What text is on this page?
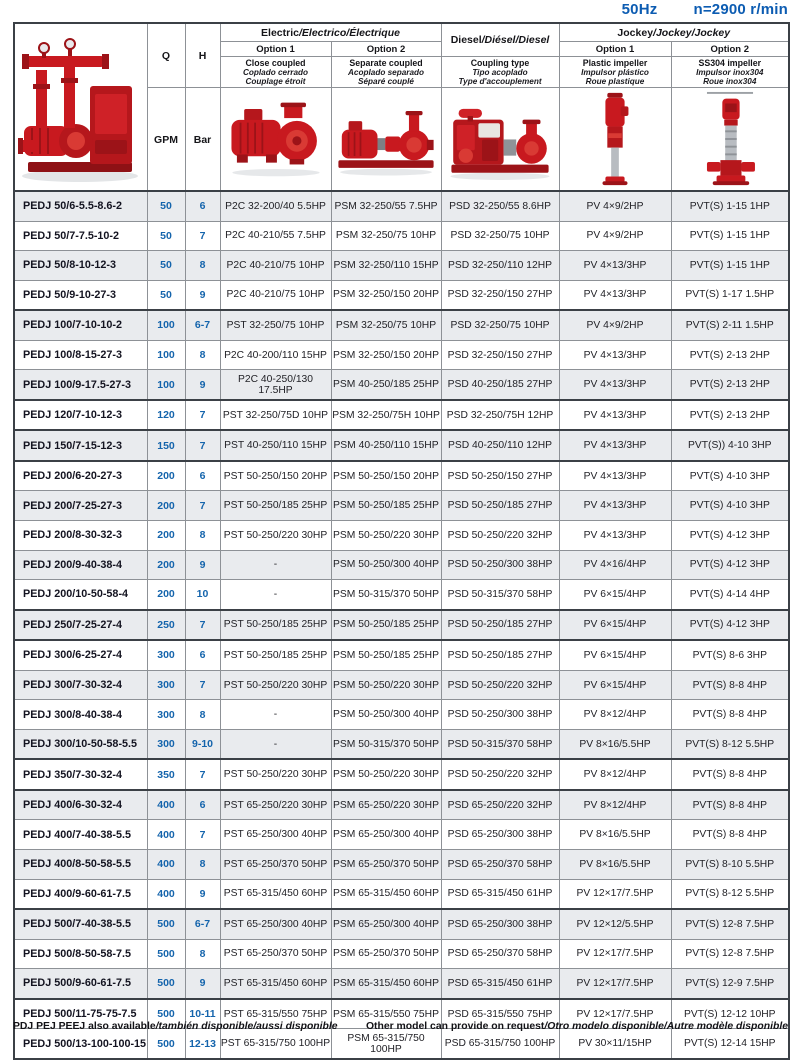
50Hz n=2900 r/min
	Q	H	Electric/Electrico/Électrique		Diesel/Diésel/Diesel	Jockey/Jockey/Jockey	
			Option 1	Option 2		Option 1	Option 2

Close coupled
Coplado cerrado
Couplage étroit

Separate coupled
Acoplado separado
Séparé couplé

Coupling type
Tipo acoplado
Type d'accouplement

Plastic impeller
Impulsor plástico
Roue plastique

SS304 impeller
Impulsor inox304
Roue inox304

	GPM	Bar	

PEDJ 50/6-5.5-8.6-2	50	6	P2C 32-200/40 5.5HP	PSM 32-250/55 7.5HP	PSD 32-250/55 8.6HP	PV 4×9/2HP	PVT(S) 1-15 1HP
PEDJ 50/7-7.5-10-2	50	7	P2C 40-210/55 7.5HP	PSM 32-250/75 10HP	PSD 32-250/75 10HP	PV 4×9/2HP	PVT(S) 1-15 1HP
PEDJ 50/8-10-12-3	50	8	P2C 40-210/75 10HP	PSM 32-250/110 15HP	PSD 32-250/110 12HP	PV 4×13/3HP	PVT(S) 1-15 1HP
PEDJ 50/9-10-27-3	50	9	P2C 40-210/75 10HP	PSM 32-250/150 20HP	PSD 32-250/150 27HP	PV 4×13/3HP	PVT(S) 1-17 1.5HP
PEDJ 100/7-10-10-2	100	6-7	PST 32-250/75 10HP	PSM 32-250/75 10HP	PSD 32-250/75 10HP	PV 4×9/2HP	PVT(S) 2-11 1.5HP
PEDJ 100/8-15-27-3	100	8	P2C 40-200/110 15HP	PSM 32-250/150 20HP	PSD 32-250/150 27HP	PV 4×13/3HP	PVT(S) 2-13 2HP
PEDJ 100/9-17.5-27-3	100	9	P2C 40-250/130 17.5HP	PSM 40-250/185 25HP	PSD 40-250/185 27HP	PV 4×13/3HP	PVT(S) 2-13 2HP
PEDJ 120/7-10-12-3	120	7	PST 32-250/75D 10HP	PSM 32-250/75H 10HP	PSD 32-250/75H 12HP	PV 4×13/3HP	PVT(S) 2-13 2HP
PEDJ 150/7-15-12-3	150	7	PST 40-250/110 15HP	PSM 40-250/110 15HP	PSD 40-250/110 12HP	PV 4×13/3HP	PVT(S)) 4-10 3HP
PEDJ 200/6-20-27-3	200	6	PST 50-250/150 20HP	PSM 50-250/150 20HP	PSD 50-250/150 27HP	PV 4×13/3HP	PVT(S) 4-10 3HP
PEDJ 200/7-25-27-3	200	7	PST 50-250/185 25HP	PSM 50-250/185 25HP	PSD 50-250/185 27HP	PV 4×13/3HP	PVT(S) 4-10 3HP
PEDJ 200/8-30-32-3	200	8	PST 50-250/220 30HP	PSM 50-250/220 30HP	PSD 50-250/220 32HP	PV 4×13/3HP	PVT(S) 4-12 3HP
PEDJ 200/9-40-38-4	200	9	-	PSM 50-250/300 40HP	PSD 50-250/300 38HP	PV 4×16/4HP	PVT(S) 4-12 3HP
PEDJ 200/10-50-58-4	200	10	-	PSM 50-315/370 50HP	PSD 50-315/370 58HP	PV 6×15/4HP	PVT(S) 4-14 4HP
PEDJ 250/7-25-27-4	250	7	PST 50-250/185 25HP	PSM 50-250/185 25HP	PSD 50-250/185 27HP	PV 6×15/4HP	PVT(S) 4-12 3HP
PEDJ 300/6-25-27-4	300	6	PST 50-250/185 25HP	PSM 50-250/185 25HP	PSD 50-250/185 27HP	PV 6×15/4HP	PVT(S) 8-6 3HP
PEDJ 300/7-30-32-4	300	7	PST 50-250/220 30HP	PSM 50-250/220 30HP	PSD 50-250/220 32HP	PV 6×15/4HP	PVT(S) 8-8 4HP
PEDJ 300/8-40-38-4	300	8	-	PSM 50-250/300 40HP	PSD 50-250/300 38HP	PV 8×12/4HP	PVT(S) 8-8 4HP
PEDJ 300/10-50-58-5.5	300	9-10	-	PSM 50-315/370 50HP	PSD 50-315/370 58HP	PV 8×16/5.5HP	PVT(S) 8-12 5.5HP
PEDJ 350/7-30-32-4	350	7	PST 50-250/220 30HP	PSM 50-250/220 30HP	PSD 50-250/220 32HP	PV 8×12/4HP	PVT(S) 8-8 4HP
PEDJ 400/6-30-32-4	400	6	PST 65-250/220 30HP	PSM 65-250/220 30HP	PSD 65-250/220 32HP	PV 8×12/4HP	PVT(S) 8-8 4HP
PEDJ 400/7-40-38-5.5	400	7	PST 65-250/300 40HP	PSM 65-250/300 40HP	PSD 65-250/300 38HP	PV 8×16/5.5HP	PVT(S) 8-8 4HP
PEDJ 400/8-50-58-5.5	400	8	PST 65-250/370 50HP	PSM 65-250/370 50HP	PSD 65-250/370 58HP	PV 8×16/5.5HP	PVT(S) 8-10 5.5HP
PEDJ 400/9-60-61-7.5	400	9	PST 65-315/450 60HP	PSM 65-315/450 60HP	PSD 65-315/450 61HP	PV 12×17/7.5HP	PVT(S) 8-12 5.5HP
PEDJ 500/7-40-38-5.5	500	6-7	PST 65-250/300 40HP	PSM 65-250/300 40HP	PSD 65-250/300 38HP	PV 12×12/5.5HP	PVT(S) 12-8 7.5HP
PEDJ 500/8-50-58-7.5	500	8	PST 65-250/370 50HP	PSM 65-250/370 50HP	PSD 65-250/370 58HP	PV 12×17/7.5HP	PVT(S) 12-8 7.5HP
PEDJ 500/9-60-61-7.5	500	9	PST 65-315/450 60HP	PSM 65-315/450 60HP	PSD 65-315/450 61HP	PV 12×17/7.5HP	PVT(S) 12-9 7.5HP
PEDJ 500/11-75-75-7.5	500	10-11	PST 65-315/550 75HP	PSM 65-315/550 75HP	PSD 65-315/550 75HP	PV 12×17/7.5HP	PVT(S) 12-12 10HP
PEDJ 500/13-100-100-15	500	12-13	PST 65-315/750 100HP	PSM 65-315/750 100HP	PSD 65-315/750 100HP	PV 30×11/15HP	PVT(S) 12-14 15HP
PDJ PEJ PEEJ also available/también disponible/aussi disponible	Other model can provide on request/Otro modelo disponible/Autre modèle disponible
